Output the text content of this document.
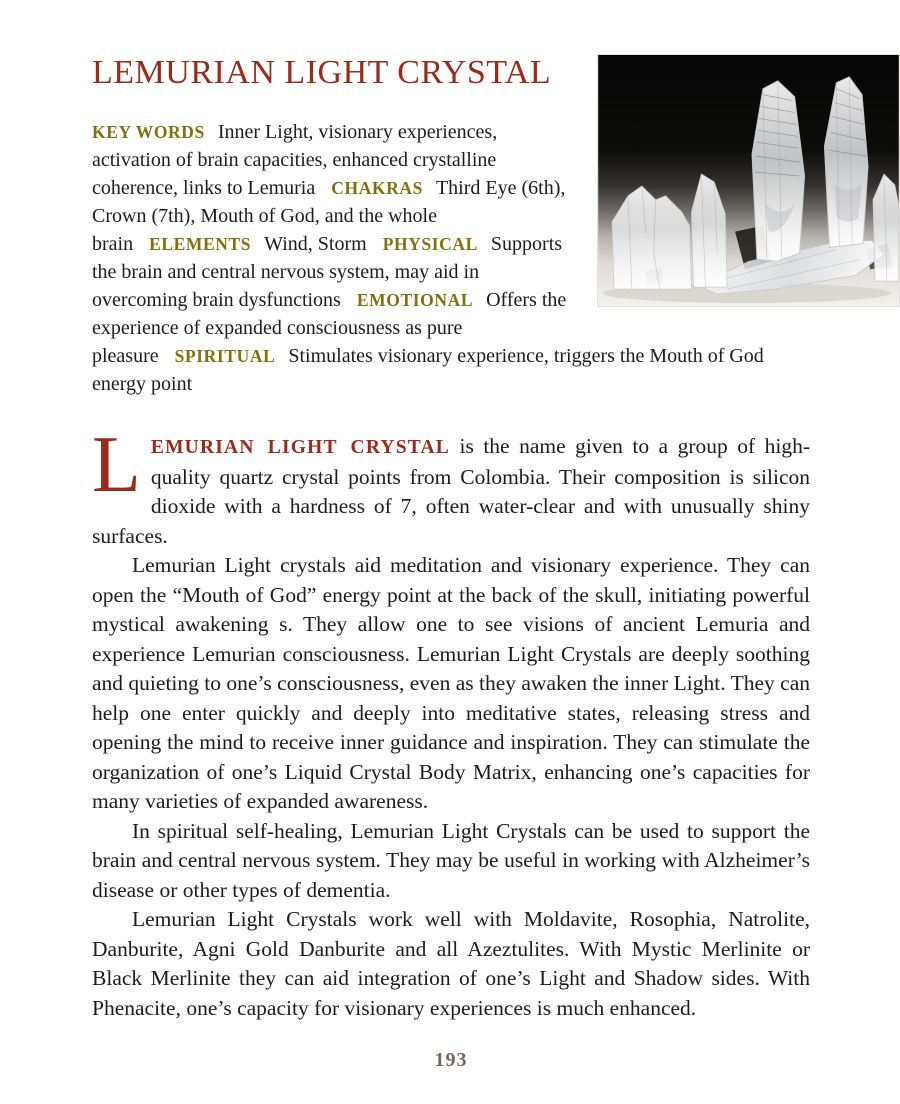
LEMURIAN LIGHT CRYSTAL

KEY WORDS Inner Light, visionary experiences, activation of brain capacities, enhanced crystalline coherence, links to Lemuria CHAKRAS Third Eye (6th), Crown (7th), Mouth of God, and the whole brain ELEMENTS Wind, Storm PHYSICAL Supports the brain and central nervous system, may aid in overcoming brain dysfunctions EMOTIONAL Offers the experience of expanded consciousness as pure pleasure SPIRITUAL Stimulates visionary experience, triggers the Mouth of God energy point

LEMURIAN LIGHT CRYSTAL is the name given to a group of high-quality quartz crystal points from Colombia. Their composition is silicon dioxide with a hardness of 7, often water-clear and with unusually shiny surfaces.

Lemurian Light crystals aid meditation and visionary experience. They can open the “Mouth of God” energy point at the back of the skull, initiating powerful mystical awakening s. They allow one to see visions of ancient Lemuria and experience Lemurian consciousness. Lemurian Light Crystals are deeply soothing and quieting to one’s consciousness, even as they awaken the inner Light. They can help one enter quickly and deeply into meditative states, releasing stress and opening the mind to receive inner guidance and inspiration. They can stimulate the organization of one’s Liquid Crystal Body Matrix, enhancing one’s capacities for many varieties of expanded awareness.

In spiritual self-healing, Lemurian Light Crystals can be used to support the brain and central nervous system. They may be useful in working with Alzheimer’s disease or other types of dementia.

Lemurian Light Crystals work well with Moldavite, Rosophia, Natrolite, Danburite, Agni Gold Danburite and all Azeztulites. With Mystic Merlinite or Black Merlinite they can aid integration of one’s Light and Shadow sides. With Phenacite, one’s capacity for visionary experiences is much enhanced.

193
